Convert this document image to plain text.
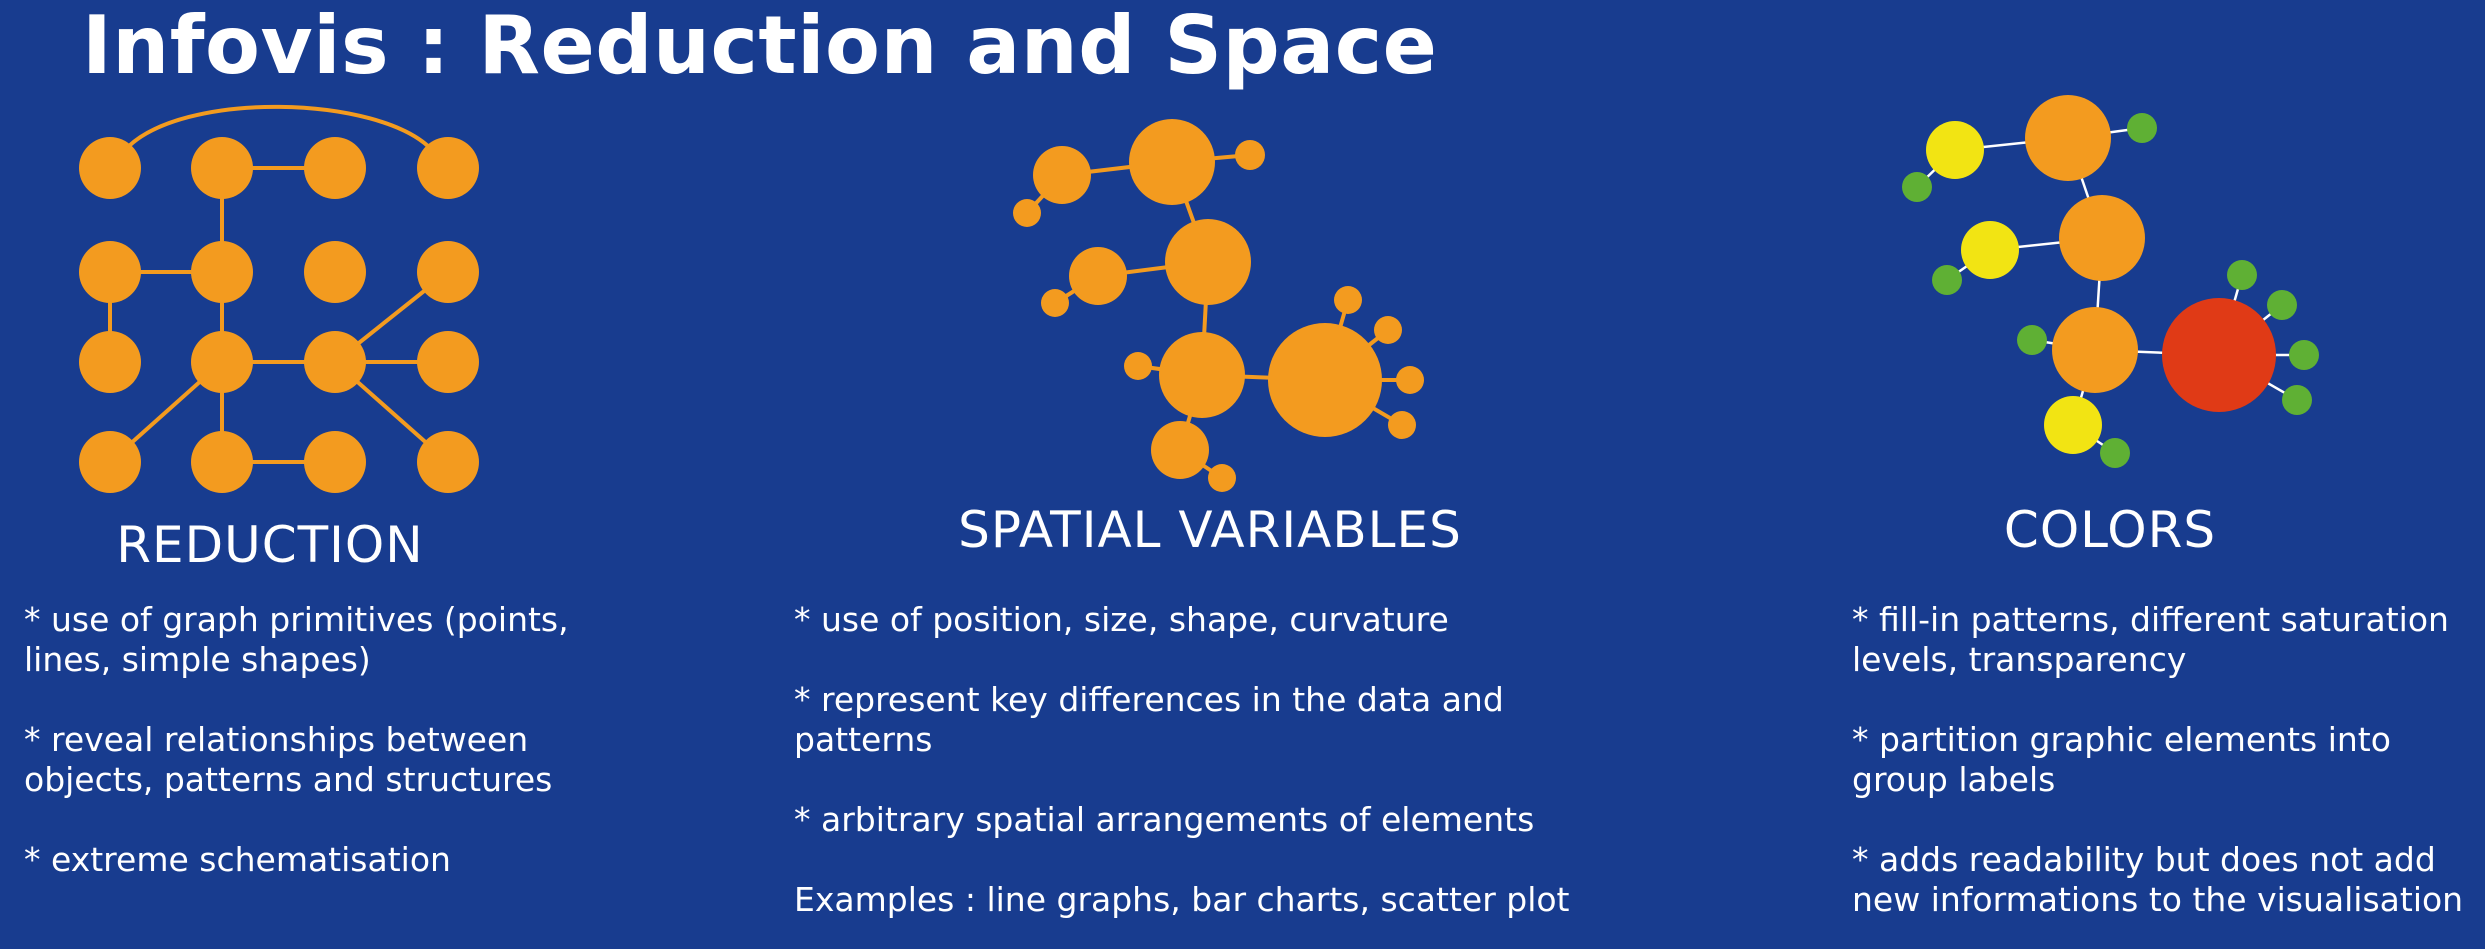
Infovis : Reduction and Space
REDUCTION	SPATIAL VARIABLES	COLORS

* use of graph primitives (points, lines, simple shapes)

* reveal relationships between objects, patterns and structures

* extreme schematisation

* use of position, size, shape, curvature

* represent key differences in the data and patterns

* arbitrary spatial arrangements of elements

Examples : line graphs, bar charts, scatter plot

* fill-in patterns, different saturation levels, transparency

* partition graphic elements into group labels

* adds readability but does not add new informations to the visualisation
